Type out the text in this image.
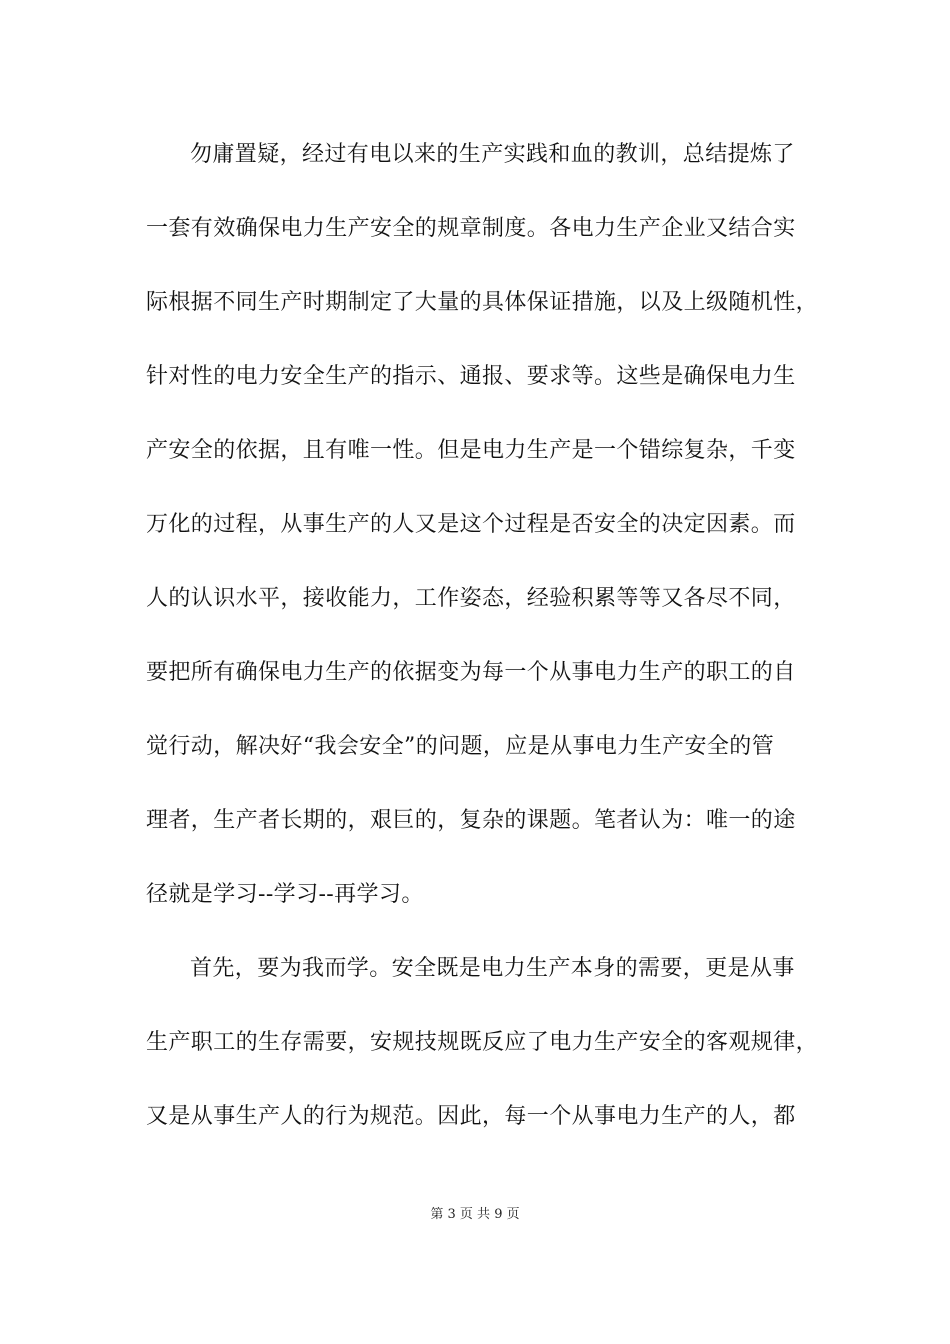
勿庸置疑，经过有电以来的生产实践和血的教训，总结提炼了
一套有效确保电力生产安全的规章制度。各电力生产企业又结合实
际根据不同生产时期制定了大量的具体保证措施，以及上级随机性，
针对性的电力安全生产的指示、通报、要求等。这些是确保电力生
产安全的依据，且有唯一性。但是电力生产是一个错综复杂，千变
万化的过程，从事生产的人又是这个过程是否安全的决定因素。而
人的认识水平，接收能力，工作姿态，经验积累等等又各尽不同，
要把所有确保电力生产的依据变为每一个从事电力生产的职工的自
觉行动，解决好“我会安全”的问题，应是从事电力生产安全的管
理者，生产者长期的，艰巨的，复杂的课题。笔者认为：唯一的途
径就是学习--学习--再学习。
首先，要为我而学。安全既是电力生产本身的需要，更是从事
生产职工的生存需要，安规技规既反应了电力生产安全的客观规律，
又是从事生产人的行为规范。因此，每一个从事电力生产的人，都
第 3 页 共 9 页
